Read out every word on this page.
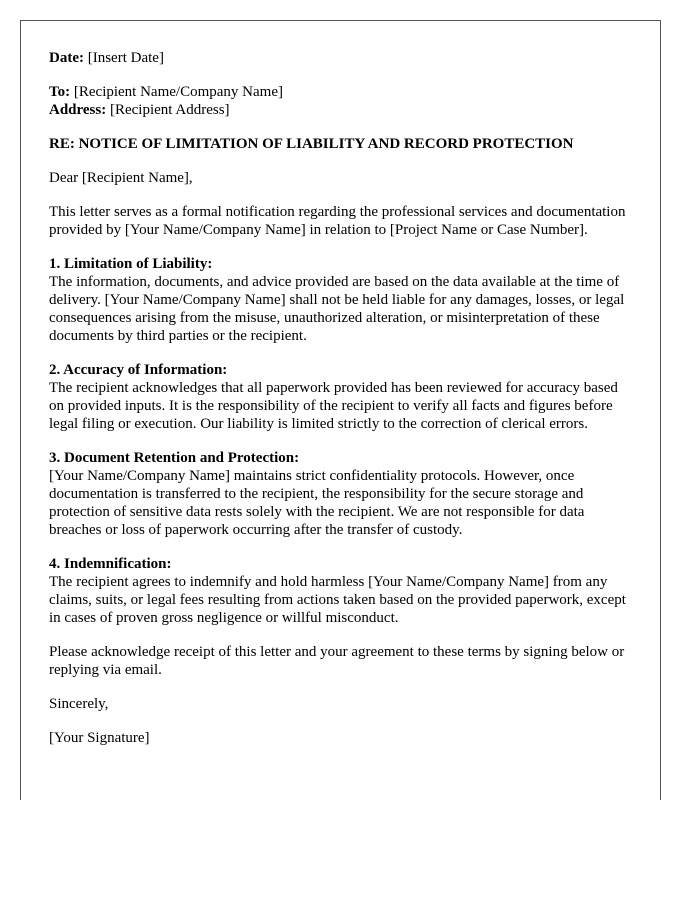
Date: [Insert Date]

To: [Recipient Name/Company Name]

Address: [Recipient Address]

RE: NOTICE OF LIMITATION OF LIABILITY AND RECORD PROTECTION

Dear [Recipient Name],

This letter serves as a formal notification regarding the professional services and documentation provided by [Your Name/Company Name] in relation to [Project Name or Case Number].

1. Limitation of Liability:
The information, documents, and advice provided are based on the data available at the time of delivery. [Your Name/Company Name] shall not be held liable for any damages, losses, or legal consequences arising from the misuse, unauthorized alteration, or misinterpretation of these documents by third parties or the recipient.

2. Accuracy of Information:
The recipient acknowledges that all paperwork provided has been reviewed for accuracy based on provided inputs. It is the responsibility of the recipient to verify all facts and figures before legal filing or execution. Our liability is limited strictly to the correction of clerical errors.

3. Document Retention and Protection:
[Your Name/Company Name] maintains strict confidentiality protocols. However, once documentation is transferred to the recipient, the responsibility for the secure storage and protection of sensitive data rests solely with the recipient. We are not responsible for data breaches or loss of paperwork occurring after the transfer of custody.

4. Indemnification:
The recipient agrees to indemnify and hold harmless [Your Name/Company Name] from any claims, suits, or legal fees resulting from actions taken based on the provided paperwork, except in cases of proven gross negligence or willful misconduct.

Please acknowledge receipt of this letter and your agreement to these terms by signing below or replying via email.

Sincerely,

[Your Signature]
